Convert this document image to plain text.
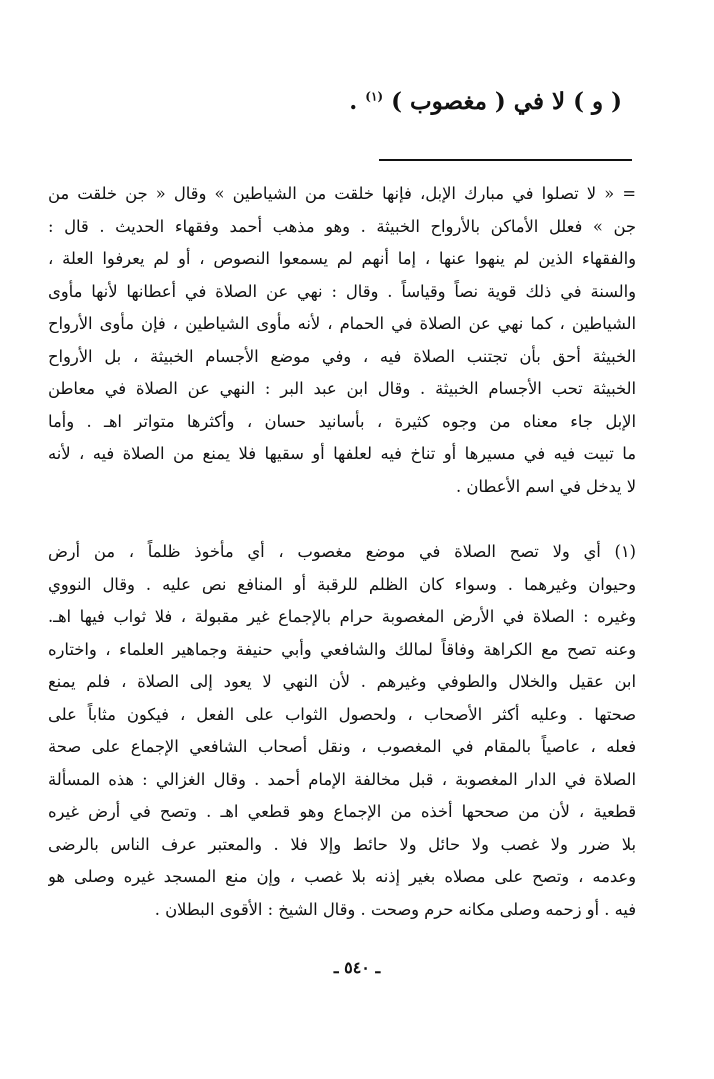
( و ) لا في ( مغصوب ) $^{(١)}$ .
= « لا تصلوا في مبارك الإبل، فإنها خلقت من الشياطين » وقال « جن خلقت من
جن » فعلل الأماكن بالأرواح الخبيثة . وهو مذهب أحمد وفقهاء الحديث . قال :
والفقهاء الذين لم ينهوا عنها ، إما أنهم لم يسمعوا النصوص ، أو لم يعرفوا العلة ،
والسنة في ذلك قوية نصاً وقياساً . وقال : نهي عن الصلاة في أعطانها لأنها مأوى
الشياطين ، كما نهي عن الصلاة في الحمام ، لأنه مأوى الشياطين ، فإن مأوى الأرواح
الخبيثة أحق بأن تجتنب الصلاة فيه ، وفي موضع الأجسام الخبيثة ، بل الأرواح
الخبيثة تحب الأجسام الخبيثة . وقال ابن عبد البر : النهي عن الصلاة في معاطن
الإبل جاء معناه من وجوه كثيرة ، بأسانيد حسان ، وأكثرها متواتر اهـ . وأما
ما تبيت فيه في مسيرها أو تناخ فيه لعلفها أو سقيها فلا يمنع من الصلاة فيه ، لأنه
لا يدخل في اسم الأعطان .
(١) أي ولا تصح الصلاة في موضع مغصوب ، أي مأخوذ ظلماً ، من أرض
وحيوان وغيرهما . وسواء كان الظلم للرقبة أو المنافع نص عليه . وقال النووي
وغيره : الصلاة في الأرض المغصوبة حرام بالإجماع غير مقبولة ، فلا ثواب فيها اهـ.
وعنه تصح مع الكراهة وفاقاً لمالك والشافعي وأبي حنيفة وجماهير العلماء ، واختاره
ابن عقيل والخلال والطوفي وغيرهم . لأن النهي لا يعود إلى الصلاة ، فلم يمنع
صحتها . وعليه أكثر الأصحاب ، ولحصول الثواب على الفعل ، فيكون مثاباً على
فعله ، عاصياً بالمقام في المغصوب ، ونقل أصحاب الشافعي الإجماع على صحة
الصلاة في الدار المغصوبة ، قبل مخالفة الإمام أحمد . وقال الغزالي : هذه المسألة
قطعية ، لأن من صححها أخذه من الإجماع وهو قطعي اهـ . وتصح في أرض غيره
بلا ضرر ولا غصب ولا حائل ولا حائط وإلا فلا . والمعتبر عرف الناس بالرضى
وعدمه ، وتصح على مصلاه بغير إذنه بلا غصب ، وإن منع المسجد غيره وصلى هو
فيه . أو زحمه وصلى مكانه حرم وصحت . وقال الشيخ : الأقوى البطلان .
ـ ٥٤٠ ـ
